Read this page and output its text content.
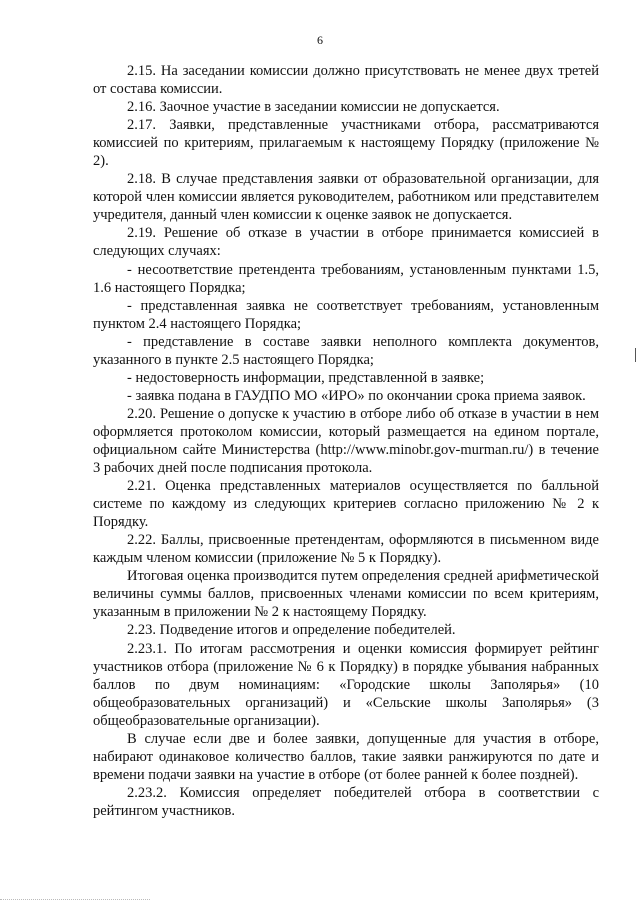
6

2.15. На заседании комиссии должно присутствовать не менее двух третей от состава комиссии.

2.16. Заочное участие в заседании комиссии не допускается.

2.17. Заявки, представленные участниками отбора, рассматриваются комиссией по критериям, прилагаемым к настоящему Порядку (приложение № 2).

2.18. В случае представления заявки от образовательной организации, для которой член комиссии является руководителем, работником или представителем учредителя, данный член комиссии к оценке заявок не допускается.

2.19. Решение об отказе в участии в отборе принимается комиссией в следующих случаях:

- несоответствие претендента требованиям, установленным пунктами 1.5, 1.6 настоящего Порядка;

- представленная заявка не соответствует требованиям, установленным пунктом 2.4 настоящего Порядка;

- представление в составе заявки неполного комплекта документов, указанного в пункте 2.5 настоящего Порядка;

- недостоверность информации, представленной в заявке;

- заявка подана в ГАУДПО МО «ИРО» по окончании срока приема заявок.

2.20. Решение о допуске к участию в отборе либо об отказе в участии в нем оформляется протоколом комиссии, который размещается на едином портале, официальном сайте Министерства (http://www.minobr.gov-murman.ru/) в течение 3 рабочих дней после подписания протокола.

2.21. Оценка представленных материалов осуществляется по балльной системе по каждому из следующих критериев согласно приложению № 2 к Порядку.

2.22. Баллы, присвоенные претендентам, оформляются в письменном виде каждым членом комиссии (приложение № 5 к Порядку).

Итоговая оценка производится путем определения средней арифметической величины суммы баллов, присвоенных членами комиссии по всем критериям, указанным в приложении № 2 к настоящему Порядку.

2.23. Подведение итогов и определение победителей.

2.23.1. По итогам рассмотрения и оценки комиссия формирует рейтинг участников отбора (приложение № 6 к Порядку) в порядке убывания набранных баллов по двум номинациям: «Городские школы Заполярья» (10 общеобразовательных организаций) и «Сельские школы Заполярья» (3 общеобразовательные организации).

В случае если две и более заявки, допущенные для участия в отборе, набирают одинаковое количество баллов, такие заявки ранжируются по дате и времени подачи заявки на участие в отборе (от более ранней к более поздней).

2.23.2. Комиссия определяет победителей отбора в соответствии с рейтингом участников.
